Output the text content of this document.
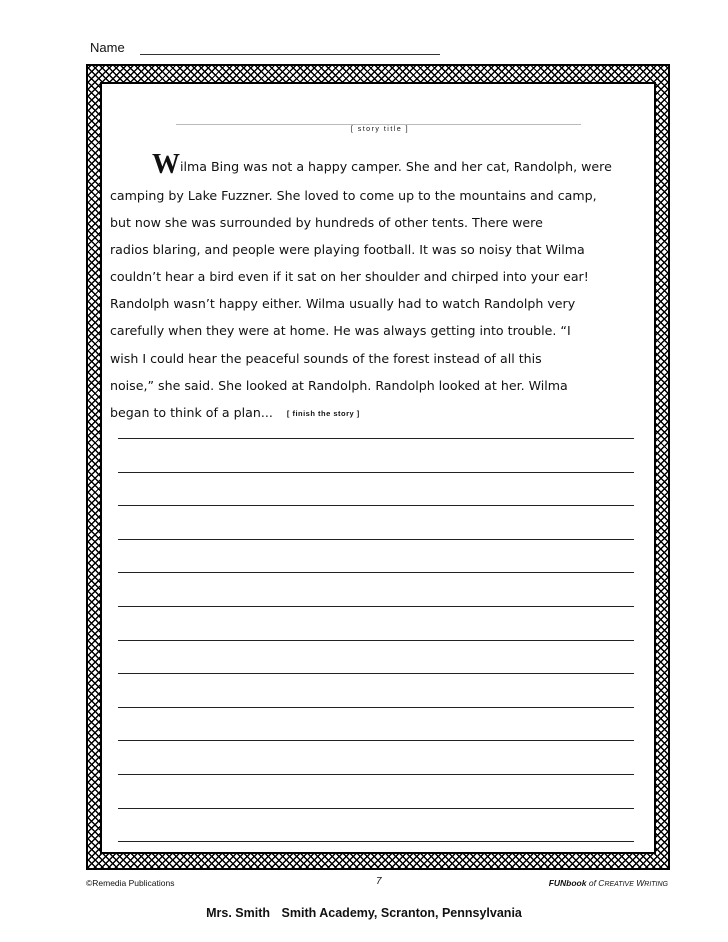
Name
[ story title ]
Wilma Bing was not a happy camper. She and her cat, Randolph, were
camping by Lake Fuzzner. She loved to come up to the mountains and camp,
but now she was surrounded by hundreds of other tents. There were
radios blaring, and people were playing football. It was so noisy that Wilma
couldn’t hear a bird even if it sat on her shoulder and chirped into your ear!
Randolph wasn’t happy either. Wilma usually had to watch Randolph very
carefully when they were at home. He was always getting into trouble. “I
wish I could hear the peaceful sounds of the forest instead of all this
noise,” she said. She looked at Randolph. Randolph looked at her. Wilma
began to think of a plan... [ finish the story ]
©Remedia Publications	7	FUNbook of CREATIVE WRITING
Mrs. Smith Smith Academy, Scranton, Pennsylvania
